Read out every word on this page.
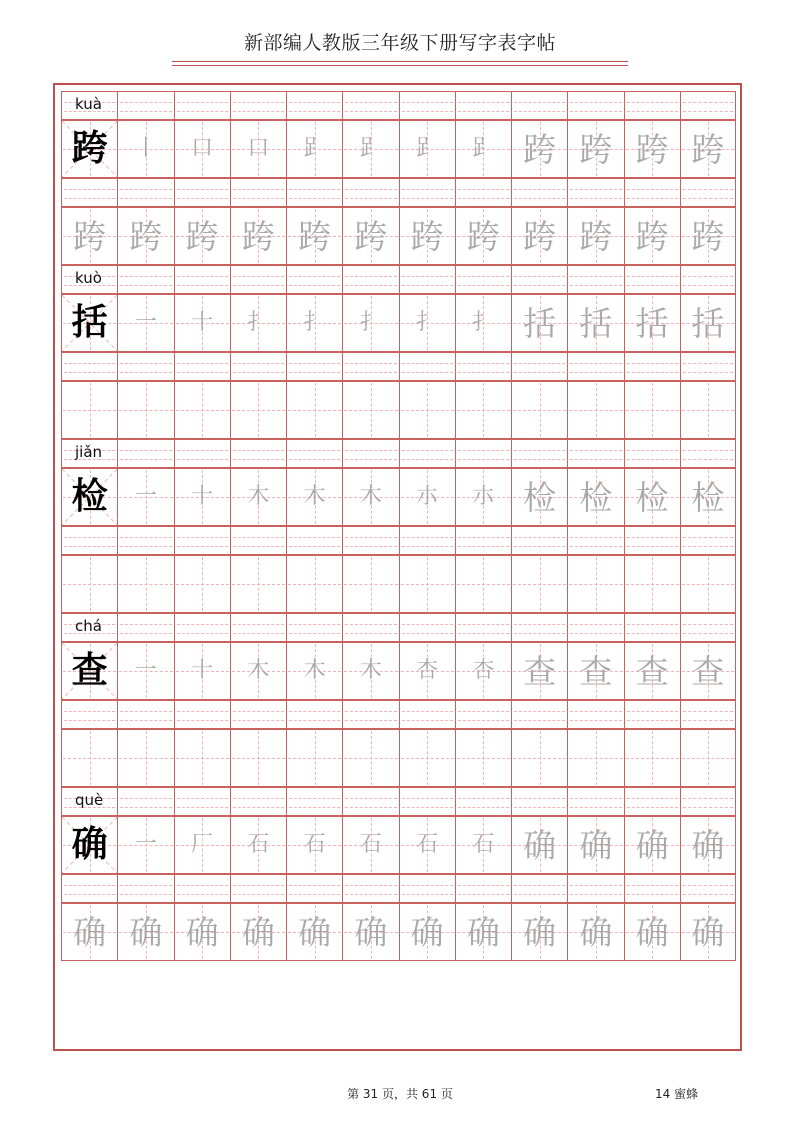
新部编人教版三年级下册写字表字帖
kuà
跨 丨 口 口 𧾷 𧾷 𧾷 𧾷 跨 跨 跨 跨
跨 跨 跨 跨 跨 跨 跨 跨 跨 跨 跨 跨
kuò
括 一 十 扌 扌 扌 扌 扌 括 括 括 括
jiǎn
检 一 十 木 木 木 朩 朩 检 检 检 检
chá
查 一 十 木 木 木 杏 杏 查 查 查 查
què
确 一 厂 石 石 石 石 石 确 确 确 确
确 确 确 确 确 确 确 确 确 确 确 确
第 31 页，共 61 页	14 蜜蜂
